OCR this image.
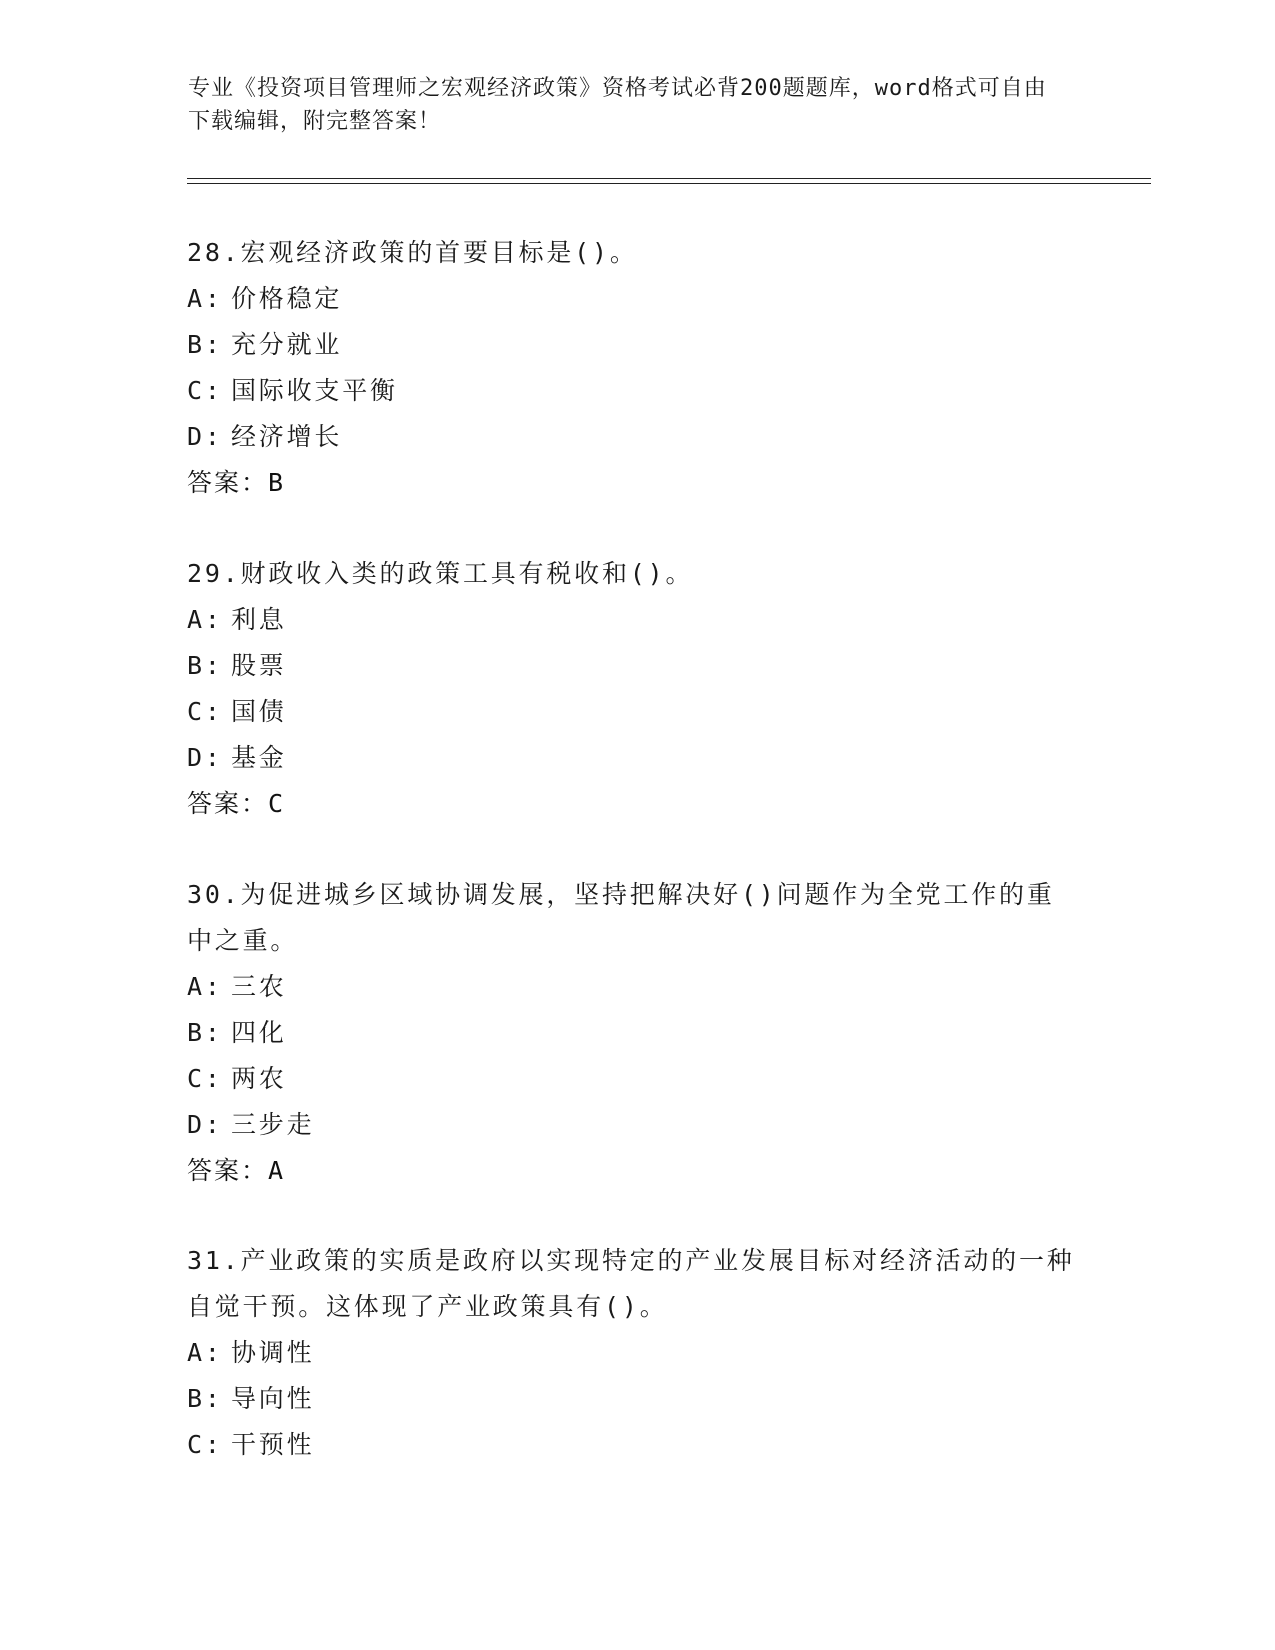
专业《投资项目管理师之宏观经济政策》资格考试必背200题题库，word格式可自由下载编辑，附完整答案！
28.宏观经济政策的首要目标是()。
A: 价格稳定
B: 充分就业
C: 国际收支平衡
D: 经济增长
答案：B
29.财政收入类的政策工具有税收和()。
A: 利息
B: 股票
C: 国债
D: 基金
答案：C
30.为促进城乡区域协调发展，坚持把解决好()问题作为全党工作的重中之重。
A: 三农
B: 四化
C: 两农
D: 三步走
答案：A
31.产业政策的实质是政府以实现特定的产业发展目标对经济活动的一种自觉干预。这体现了产业政策具有()。
A: 协调性
B: 导向性
C: 干预性
